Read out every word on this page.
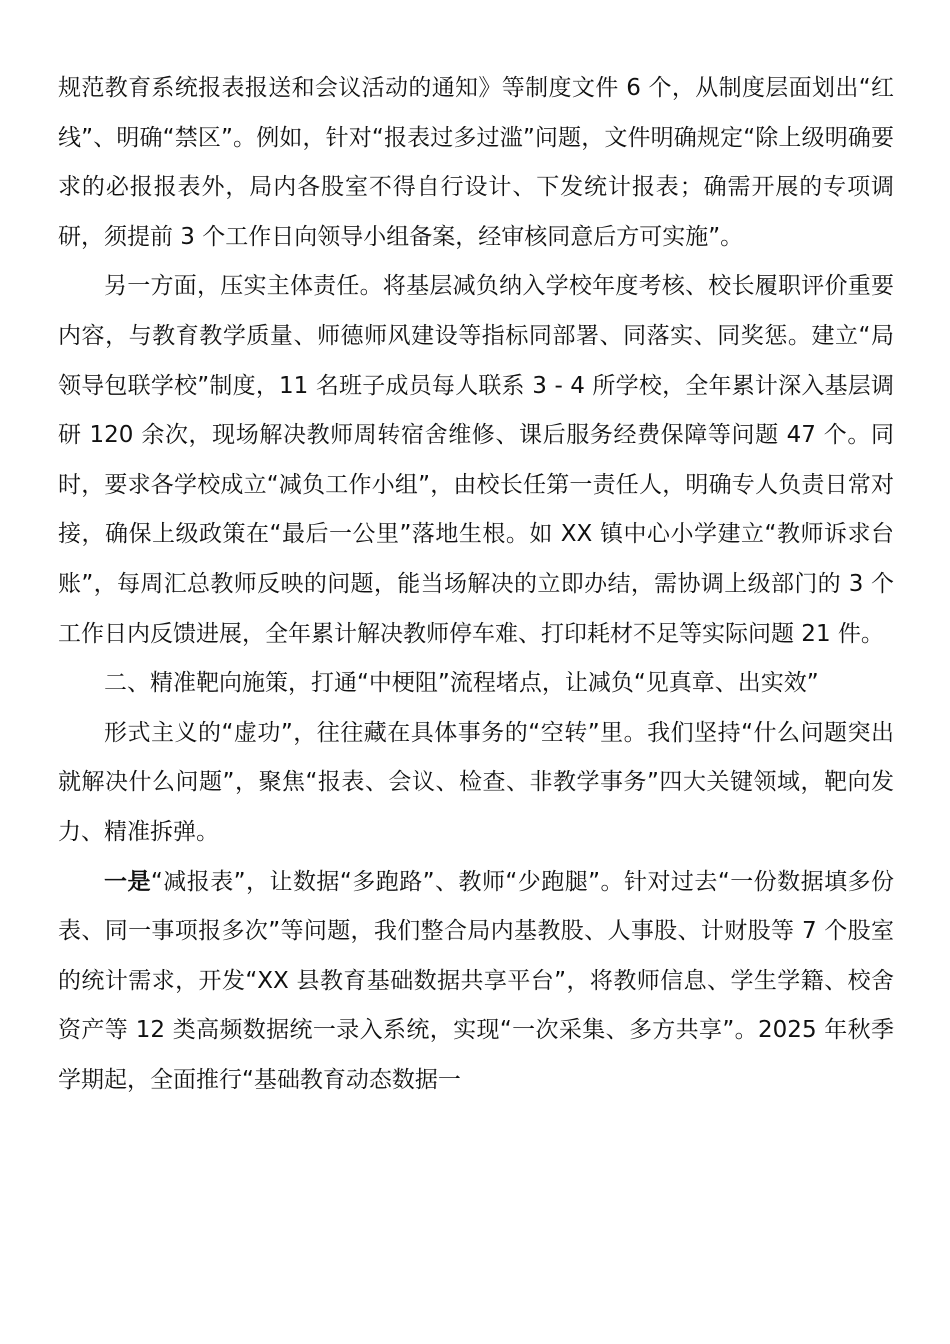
规范教育系统报表报送和会议活动的通知》等制度文件 6 个，从制度层面划出“红线”、明确“禁区”。例如，针对“报表过多过滥”问题，文件明确规定“除上级明确要求的必报报表外，局内各股室不得自行设计、下发统计报表；确需开展的专项调研，须提前 3 个工作日向领导小组备案，经审核同意后方可实施”。

另一方面，压实主体责任。将基层减负纳入学校年度考核、校长履职评价重要内容，与教育教学质量、师德师风建设等指标同部署、同落实、同奖惩。建立“局领导包联学校”制度，11 名班子成员每人联系 3 - 4 所学校，全年累计深入基层调研 120 余次，现场解决教师周转宿舍维修、课后服务经费保障等问题 47 个。同时，要求各学校成立“减负工作小组”，由校长任第一责任人，明确专人负责日常对接，确保上级政策在“最后一公里”落地生根。如 XX 镇中心小学建立“教师诉求台账”，每周汇总教师反映的问题，能当场解决的立即办结，需协调上级部门的 3 个工作日内反馈进展，全年累计解决教师停车难、打印耗材不足等实际问题 21 件。

二、精准靶向施策，打通“中梗阻”流程堵点，让减负“见真章、出实效”

形式主义的“虚功”，往往藏在具体事务的“空转”里。我们坚持“什么问题突出就解决什么问题”，聚焦“报表、会议、检查、非教学事务”四大关键领域，靶向发力、精准拆弹。

一是“减报表”，让数据“多跑路”、教师“少跑腿”。针对过去“一份数据填多份表、同一事项报多次”等问题，我们整合局内基教股、人事股、计财股等 7 个股室的统计需求，开发“XX 县教育基础数据共享平台”，将教师信息、学生学籍、校舍资产等 12 类高频数据统一录入系统，实现“一次采集、多方共享”。2025 年秋季学期起，全面推行“基础教育动态数据一
